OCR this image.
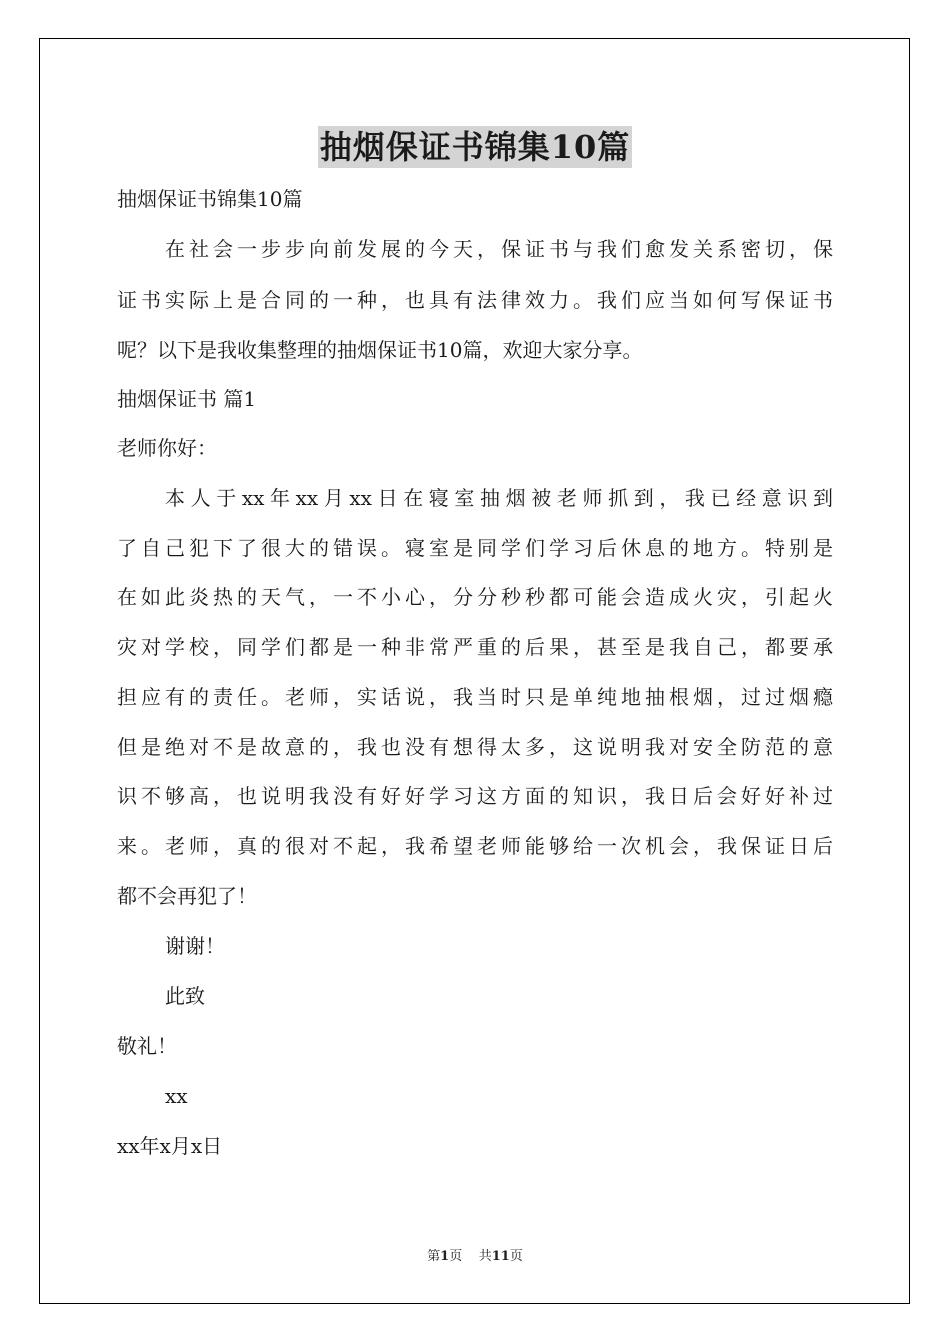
抽烟保证书锦集10篇
抽烟保证书锦集10篇
在社会一步步向前发展的今天，保证书与我们愈发关系密切，保
证书实际上是合同的一种，也具有法律效力。我们应当如何写保证书
呢？以下是我收集整理的抽烟保证书10篇，欢迎大家分享。
抽烟保证书 篇1
老师你好：
本人于xx年xx月xx日在寝室抽烟被老师抓到，我已经意识到
了自己犯下了很大的错误。寝室是同学们学习后休息的地方。特别是
在如此炎热的天气，一不小心，分分秒秒都可能会造成火灾，引起火
灾对学校，同学们都是一种非常严重的后果，甚至是我自己，都要承
担应有的责任。老师，实话说，我当时只是单纯地抽根烟，过过烟瘾
但是绝对不是故意的，我也没有想得太多，这说明我对安全防范的意
识不够高，也说明我没有好好学习这方面的知识，我日后会好好补过
来。老师，真的很对不起，我希望老师能够给一次机会，我保证日后
都不会再犯了！
谢谢！
此致
敬礼！
xx
xx年x月x日
第1页    共11页
